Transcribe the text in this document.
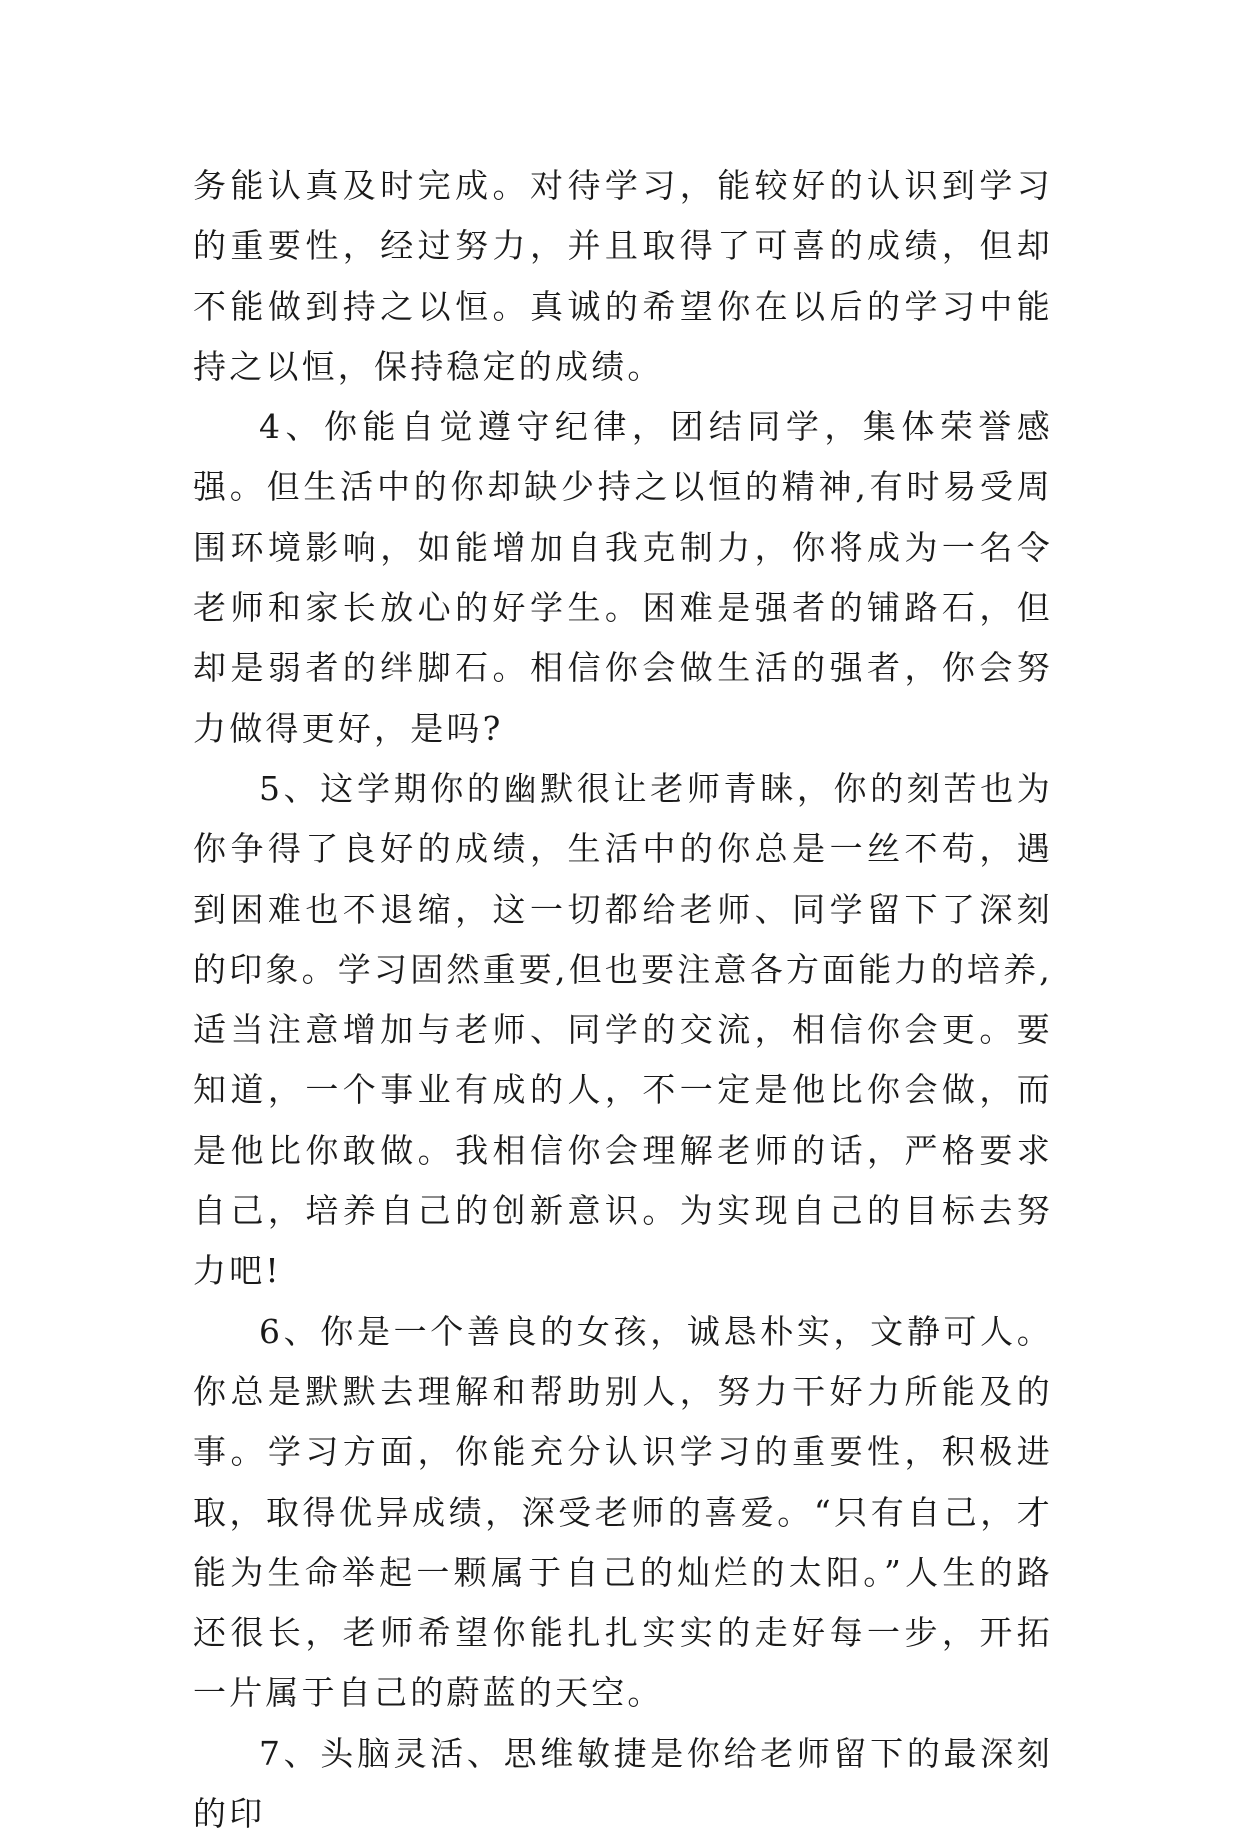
务能认真及时完成。对待学习，能较好的认识到学习的重要性，经过努力，并且取得了可喜的成绩，但却不能做到持之以恒。真诚的希望你在以后的学习中能持之以恒，保持稳定的成绩。

4、你能自觉遵守纪律，团结同学，集体荣誉感强。但生活中的你却缺少持之以恒的精神,有时易受周围环境影响，如能增加自我克制力，你将成为一名令老师和家长放心的好学生。困难是强者的铺路石，但却是弱者的绊脚石。相信你会做生活的强者，你会努力做得更好，是吗?

5、这学期你的幽默很让老师青睐，你的刻苦也为你争得了良好的成绩，生活中的你总是一丝不苟，遇到困难也不退缩，这一切都给老师、同学留下了深刻的印象。学习固然重要,但也要注意各方面能力的培养,适当注意增加与老师、同学的交流，相信你会更。要知道，一个事业有成的人，不一定是他比你会做，而是他比你敢做。我相信你会理解老师的话，严格要求自己，培养自己的创新意识。为实现自己的目标去努力吧!

6、你是一个善良的女孩，诚恳朴实，文静可人。你总是默默去理解和帮助别人，努力干好力所能及的事。学习方面，你能充分认识学习的重要性，积极进取，取得优异成绩，深受老师的喜爱。“只有自己，才能为生命举起一颗属于自己的灿烂的太阳。”人生的路还很长，老师希望你能扎扎实实的走好每一步，开拓一片属于自己的蔚蓝的天空。

7、头脑灵活、思维敏捷是你给老师留下的最深刻的印
